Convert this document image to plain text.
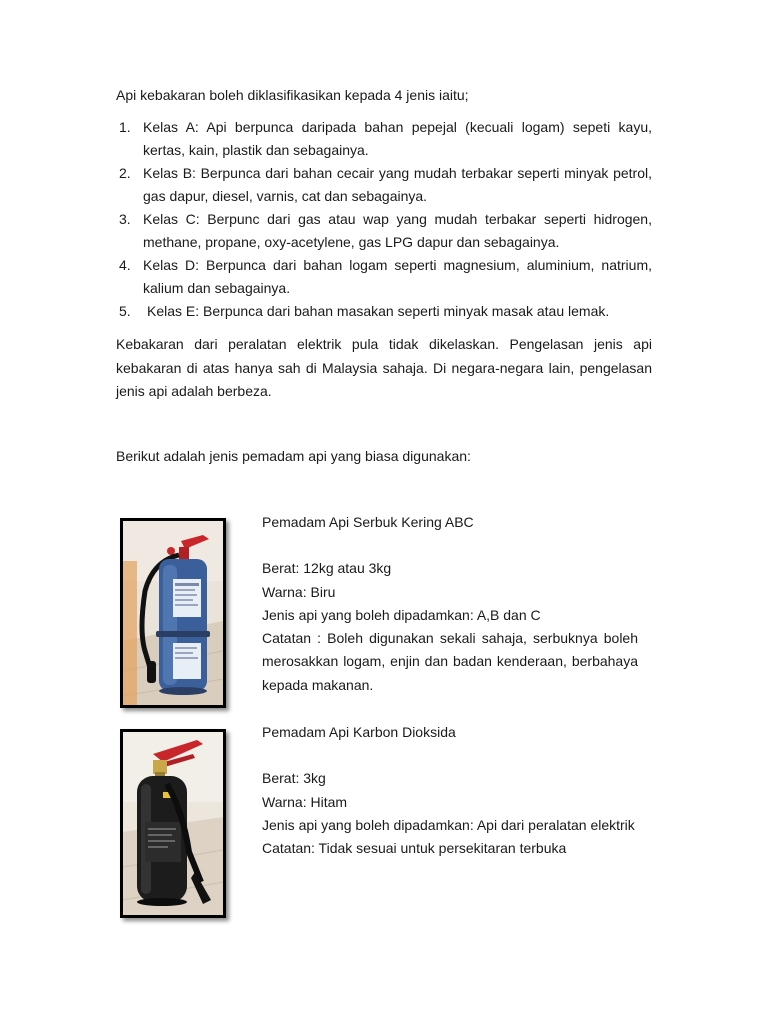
Api kebakaran boleh diklasifikasikan kepada 4 jenis iaitu;
1. Kelas A: Api berpunca daripada bahan pepejal (kecuali logam) sepeti kayu, kertas, kain, plastik dan sebagainya.
2. Kelas B: Berpunca dari bahan cecair yang mudah terbakar seperti minyak petrol, gas dapur, diesel, varnis, cat dan sebagainya.
3. Kelas C: Berpunc dari gas atau wap yang mudah terbakar seperti hidrogen, methane, propane, oxy-acetylene, gas LPG dapur dan sebagainya.
4. Kelas D: Berpunca dari bahan logam seperti magnesium, aluminium, natrium, kalium dan sebagainya.
5. Kelas E: Berpunca dari bahan masakan seperti minyak masak atau lemak.

Kebakaran dari peralatan elektrik pula tidak dikelaskan. Pengelasan jenis api kebakaran di atas hanya sah di Malaysia sahaja. Di negara-negara lain, pengelasan jenis api adalah berbeza.

Berikut adalah jenis pemadam api yang biasa digunakan:

Pemadam Api Serbuk Kering ABC
Berat: 12kg atau 3kg
Warna: Biru
Jenis api yang boleh dipadamkan: A,B dan C
Catatan : Boleh digunakan sekali sahaja, serbuknya boleh merosakkan logam, enjin dan badan kenderaan, berbahaya kepada makanan.
Pemadam Api Karbon Dioksida
Berat: 3kg
Warna: Hitam
Jenis api yang boleh dipadamkan: Api dari peralatan elektrik
Catatan: Tidak sesuai untuk persekitaran terbuka
